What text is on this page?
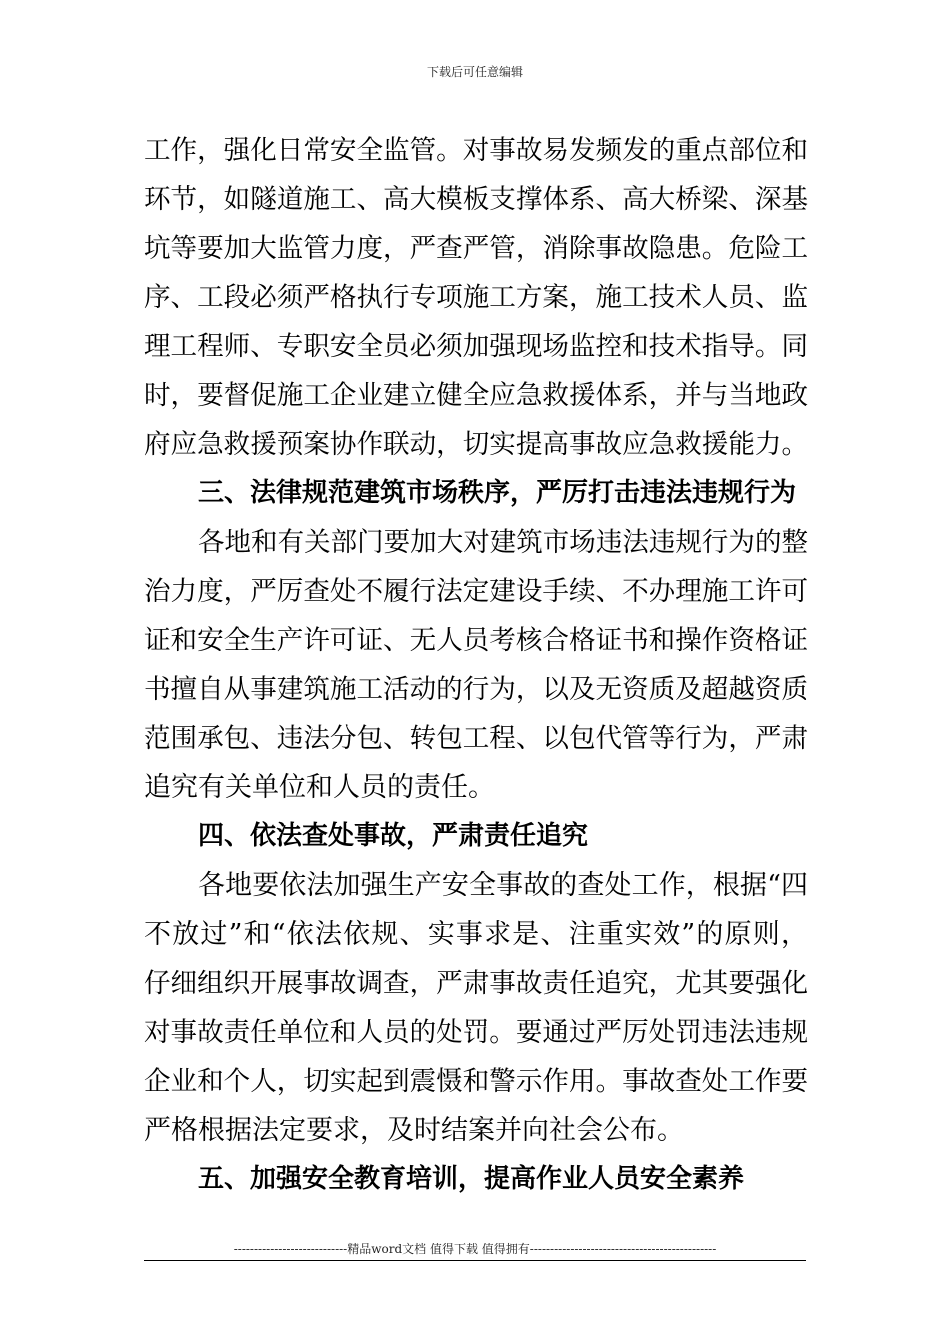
下载后可任意编辑
工作，强化日常安全监管。对事故易发频发的重点部位和
环节，如隧道施工、高大模板支撑体系、高大桥梁、深基
坑等要加大监管力度，严查严管，消除事故隐患。危险工
序、工段必须严格执行专项施工方案，施工技术人员、监
理工程师、专职安全员必须加强现场监控和技术指导。同
时，要督促施工企业建立健全应急救援体系，并与当地政
府应急救援预案协作联动，切实提高事故应急救援能力。
三、法律规范建筑市场秩序，严厉打击违法违规行为
各地和有关部门要加大对建筑市场违法违规行为的整
治力度，严厉查处不履行法定建设手续、不办理施工许可
证和安全生产许可证、无人员考核合格证书和操作资格证
书擅自从事建筑施工活动的行为，以及无资质及超越资质
范围承包、违法分包、转包工程、以包代管等行为，严肃
追究有关单位和人员的责任。
四、依法查处事故，严肃责任追究
各地要依法加强生产安全事故的查处工作，根据“四
不放过”和“依法依规、实事求是、注重实效”的原则，
仔细组织开展事故调查，严肃事故责任追究，尤其要强化
对事故责任单位和人员的处罚。要通过严厉处罚违法违规
企业和个人，切实起到震慑和警示作用。事故查处工作要
严格根据法定要求，及时结案并向社会公布。
五、加强安全教育培训，提高作业人员安全素养
----------------------------精品word文档 值得下载 值得拥有----------------------------------------------
